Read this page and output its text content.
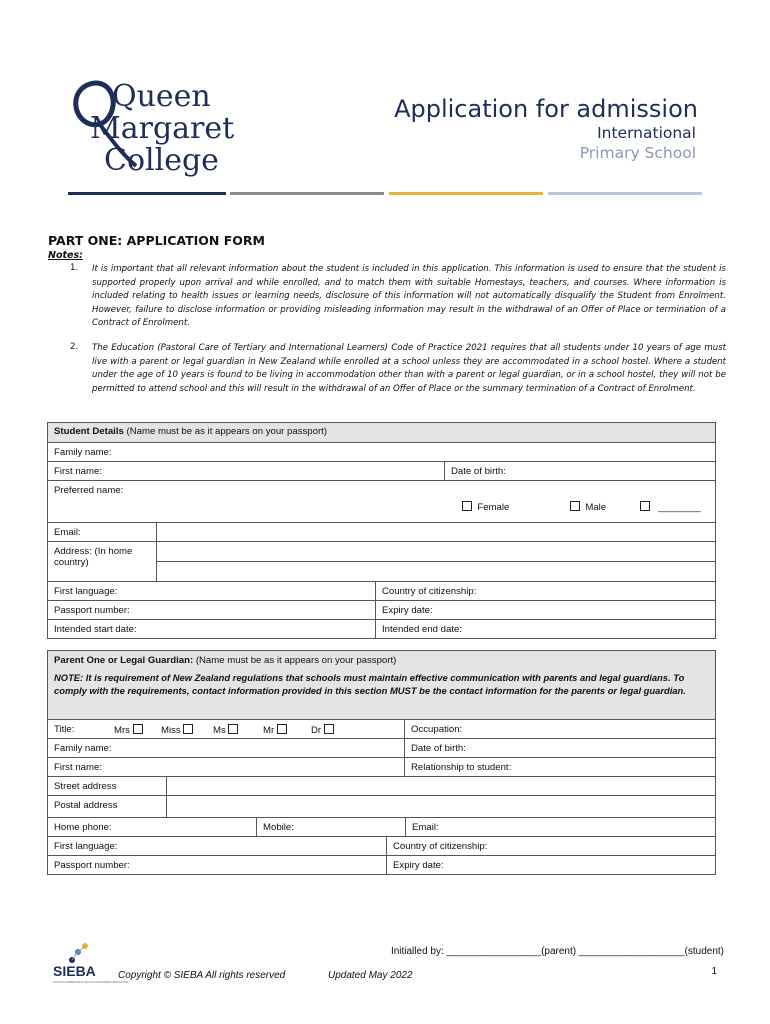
Queen
Margaret
College
Application for admission
International
Primary School
PART ONE: APPLICATION FORM
Notes:
1. It is important that all relevant information about the student is included in this application. This information is used to ensure that the student is supported properly upon arrival and while enrolled, and to match them with suitable Homestays, teachers, and courses. Where information is included relating to health issues or learning needs, disclosure of this information will not automatically disqualify the Student from Enrolment. However, failure to disclose information or providing misleading information may result in the withdrawal of an Offer of Place or termination of a Contract of Enrolment.
2. The Education (Pastoral Care of Tertiary and International Learners) Code of Practice 2021 requires that all students under 10 years of age must live with a parent or legal guardian in New Zealand while enrolled at a school unless they are accommodated in a school hostel. Where a student under the age of 10 years is found to be living in accommodation other than with a parent or legal guardian, or in a school hostel, they will not be permitted to attend school and this will result in the withdrawal of an Offer of Place or the summary termination of a Contract of Enrolment.
Student Details (Name must be as it appears on your passport)
Family name:
First name:	Date of birth:
Preferred name:
Female	Male	________
Email:
Address: (In home country)
First language:	Country of citizenship:
Passport number:	Expiry date:
Intended start date:	Intended end date:
Parent One or Legal Guardian: (Name must be as it appears on your passport)
NOTE: It is requirement of New Zealand regulations that schools must maintain effective communication with parents and legal guardians. To comply with the requirements, contact information provided in this section MUST be the contact information for the parents or legal guardian.
Title:	Mrs	Miss	Ms	Mr	Dr	Occupation:
Family name:	Date of birth:
First name:	Relationship to student:
Street address
Postal address
Home phone:	Mobile:	Email:
First language:	Country of citizenship:
Passport number:	Expiry date:
SIEBA
SCHOOLS INTERNATIONAL EDUCATION BUSINESS ASSOCIATION
Copyright © SIEBA All rights reserved	Updated May 2022
Initialled by: _________________(parent) ___________________(student)
1
